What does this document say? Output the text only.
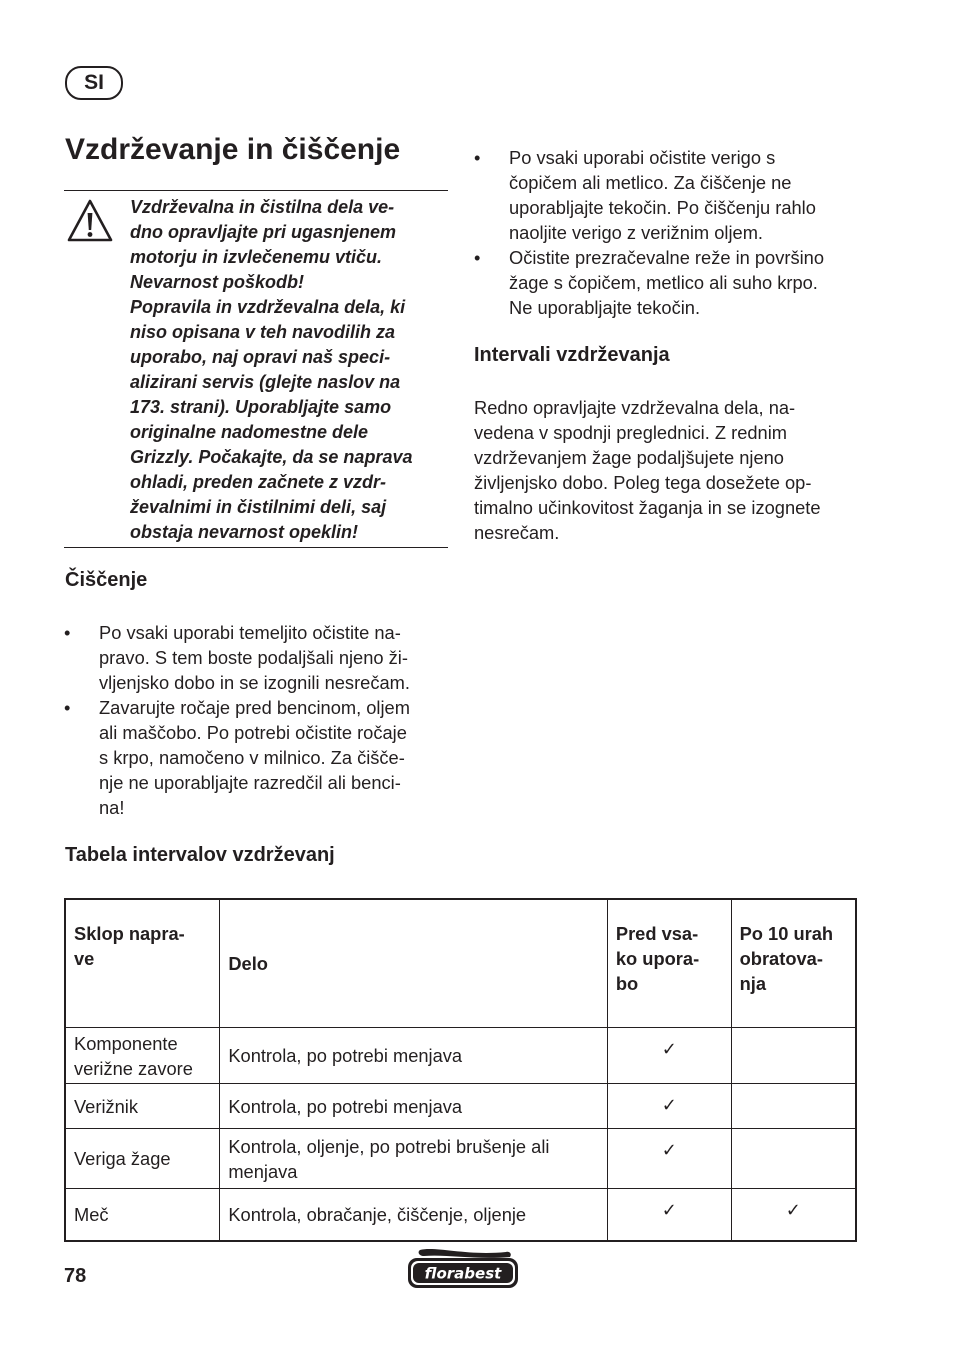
SI
Vzdrževanje in čiščenje
Vzdrževalna in čistilna dela ve-
dno opravljajte pri ugasnjenem
motorju in izvlečenemu vtiču.
Nevarnost poškodb!
Popravila in vzdrževalna dela, ki
niso opisana v teh navodilih za
uporabo, naj opravi naš speci-
alizirani servis (glejte naslov na
173. strani). Uporabljajte samo
originalne nadomestne dele
Grizzly. Počakajte, da se naprava
ohladi, preden začnete z vzdr-
ževalnimi in čistilnimi deli, saj
obstaja nevarnost opeklin!
Čiščenje
• Po vsaki uporabi temeljito očistite na-
pravo. S tem boste podaljšali njeno ži-
vljenjsko dobo in se izognili nesrečam.
• Zavarujte ročaje pred bencinom, oljem
ali maščobo. Po potrebi očistite ročaje
s krpo, namočeno v milnico. Za čišče-
nje ne uporabljajte razredčil ali benci-
na!
• Po vsaki uporabi očistite verigo s
čopičem ali metlico. Za čiščenje ne
uporabljajte tekočin. Po čiščenju rahlo
naoljite verigo z verižnim oljem.
• Očistite prezračevalne reže in površino
žage s čopičem, metlico ali suho krpo.
Ne uporabljajte tekočin.
Intervali vzdrževanja
Redno opravljajte vzdrževalna dela, na-
vedena v spodnji preglednici. Z rednim
vzdrževanjem žage podaljšujete njeno
življenjsko dobo. Poleg tega dosežete op-
timalno učinkovitost žaganja in se izognete
nesrečam.
Tabela intervalov vzdrževanj
Sklop napra-
ve	Delo	Pred vsa-
ko upora-
bo	Po 10 urah
obratova-
nja

Komponente
verižne zavore	Kontrola, po potrebi menjava	✓	

Verižnik	Kontrola, po potrebi menjava	✓	

Veriga žage	Kontrola, oljenje, po potrebi brušenje ali
menjava	✓	

Meč	Kontrola, obračanje, čiščenje, oljenje	✓	✓
78	florabest
